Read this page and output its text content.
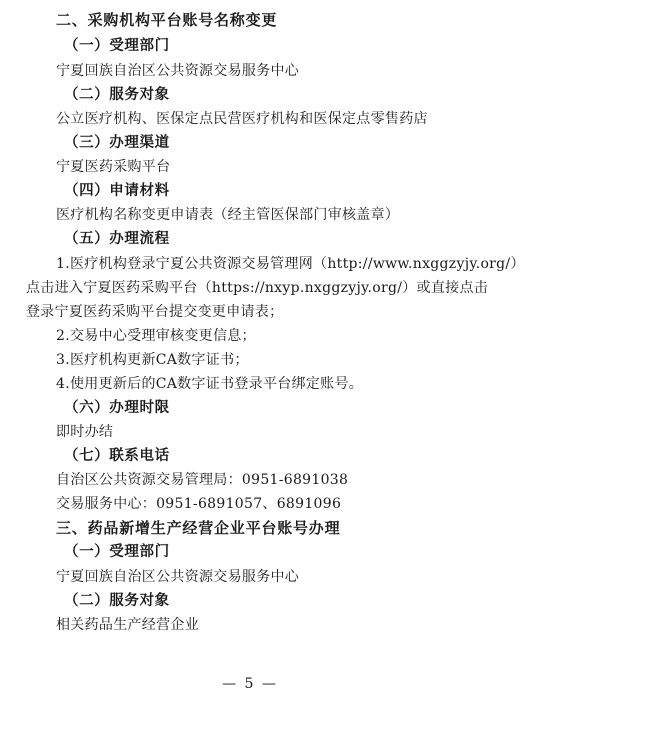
二、采购机构平台账号名称变更
（一）受理部门
宁夏回族自治区公共资源交易服务中心
（二）服务对象
公立医疗机构、医保定点民营医疗机构和医保定点零售药店
（三）办理渠道
宁夏医药采购平台
（四）申请材料
医疗机构名称变更申请表（经主管医保部门审核盖章）
（五）办理流程
1.医疗机构登录宁夏公共资源交易管理网（http://www.nxggzyjy.org/）
点击进入宁夏医药采购平台（https://nxyp.nxggzyjy.org/）或直接点击
登录宁夏医药采购平台提交变更申请表；
2.交易中心受理审核变更信息；
3.医疗机构更新CA数字证书；
4.使用更新后的CA数字证书登录平台绑定账号。
（六）办理时限
即时办结
（七）联系电话
自治区公共资源交易管理局：0951-6891038
交易服务中心：0951-6891057、6891096
三、药品新增生产经营企业平台账号办理
（一）受理部门
宁夏回族自治区公共资源交易服务中心
（二）服务对象
相关药品生产经营企业
— 5 —
